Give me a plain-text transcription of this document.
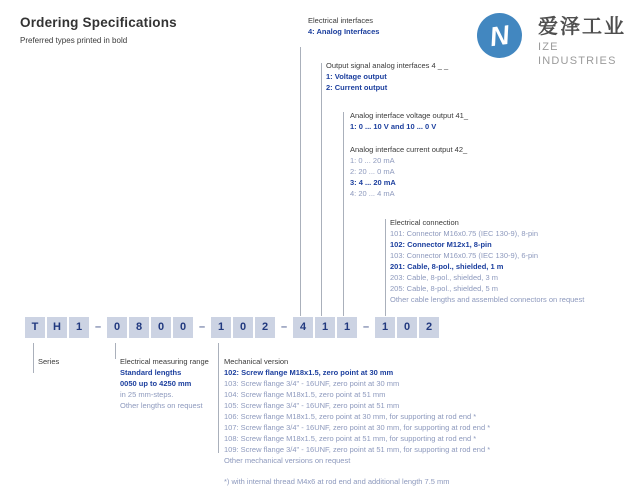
Ordering Specifications
Preferred types printed in bold	N 爱泽工业
IZE INDUSTRIES
Electrical interfaces
4: Analog Interfaces
Output signal analog interfaces 4 _ _
1: Voltage output
2: Current output
Analog interface voltage output 41_
1: 0 ... 10 V and 10 ... 0 V
Analog interface current output 42_
1: 0 ... 20 mA
2: 20 ... 0 mA
3: 4 ... 20 mA
4: 20 ... 4 mA
Electrical connection
101: Connector M16x0.75 (IEC 130-9), 8-pin
102: Connector M12x1, 8-pin
103: Connector M16x0.75 (IEC 130-9), 6-pin
201: Cable, 8-pol., shielded, 1 m
203: Cable, 8-pol., shielded, 3 m
205: Cable, 8-pol., shielded, 5 m
Other cable lengths and assembled connectors on request
T	H	1	–	0	8	0	0	–	1	0	2	–	4	1	1	–	1	0	2
Series	Electrical measuring range
Standard lengths
0050 up to 4250 mm
in 25 mm-steps.
Other lengths on request
Mechanical version
102: Screw flange M18x1.5, zero point at 30 mm
103: Screw flange 3/4" - 16UNF, zero point at 30 mm
104: Screw flange M18x1.5, zero point at 51 mm
105: Screw flange 3/4" - 16UNF, zero point at 51 mm
106: Screw flange M18x1.5, zero point at 30 mm, for supporting at rod end *
107: Screw flange 3/4" - 16UNF, zero point at 30 mm, for supporting at rod end *
108: Screw flange M18x1.5, zero point at 51 mm, for supporting at rod end *
109: Screw flange 3/4" - 16UNF, zero point at 51 mm, for supporting at rod end *
Other mechanical versions on request
*) with internal thread M4x6 at rod end and additional length 7.5 mm
